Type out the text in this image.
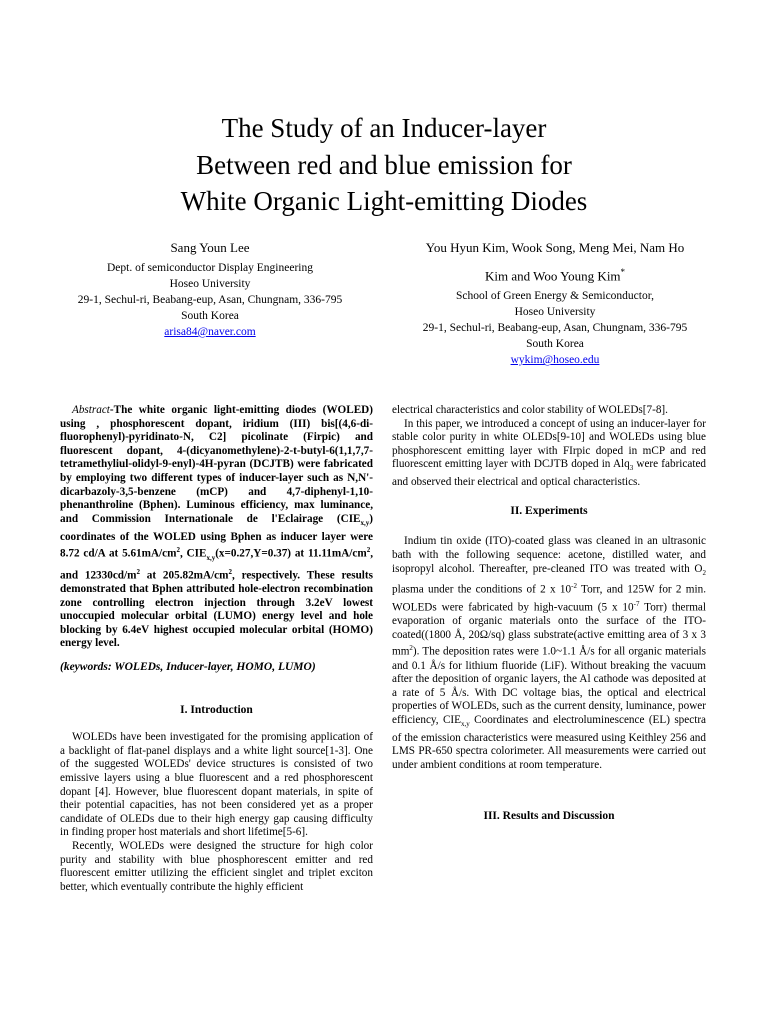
The Study of an Inducer-layer
Between red and blue emission for
White Organic Light-emitting Diodes
Sang Youn Lee
Dept. of semiconductor Display Engineering
Hoseo University
29-1, Sechul-ri, Beabang-eup, Asan, Chungnam, 336-795
South Korea
arisa84@naver.com
You Hyun Kim, Wook Song, Meng Mei, Nam Ho
Kim and Woo Young Kim*
School of Green Energy & Semiconductor,
Hoseo University
29-1, Sechul-ri, Beabang-eup, Asan, Chungnam, 336-795
South Korea
wykim@hoseo.edu

Abstract-The white organic light-emitting diodes (WOLED) using , phosphorescent dopant, iridium (III) bis[(4,6-di-fluorophenyl)-pyridinato-N, C2] picolinate (Firpic) and fluorescent dopant, 4-(dicyanomethylene)-2-t-butyl-6(1,1,7,7- tetramethyliul-olidyl-9-enyl)-4H-pyran (DCJTB) were fabricated by employing two different types of inducer-layer such as N,N'-dicarbazoly-3,5-benzene (mCP) and 4,7-diphenyl-1,10- phenanthroline (Bphen). Luminous efficiency, max luminance, and Commission Internationale de l'Eclairage $(CIE_{x,y})$ coordinates of the WOLED using Bphen as inducer layer were 8.72 cd/A at $5.61mA/cm^2$, $CIE_{x,y}(x=0.27,Y=0.37)$ at $11.11mA/cm^2$, and $12330cd/m^2$ at $205.82mA/cm^2$, respectively. These results demonstrated that Bphen attributed hole-electron recombination zone controlling electron injection through 3.2eV lowest unoccupied molecular orbital (LUMO) energy level and hole blocking by 6.4eV highest occupied molecular orbital (HOMO) energy level.

(keywords: WOLEDs, Inducer-layer, HOMO, LUMO)

I. Introduction

WOLEDs have been investigated for the promising application of a backlight of flat-panel displays and a white light source[1-3]. One of the suggested WOLEDs' device structures is consisted of two emissive layers using a blue fluorescent and a red phosphorescent dopant [4]. However, blue fluorescent dopant materials, in spite of their potential capacities, has not been considered yet as a proper candidate of OLEDs due to their high energy gap causing difficulty in finding proper host materials and short lifetime[5-6].

Recently, WOLEDs were designed the structure for high color purity and stability with blue phosphorescent emitter and red fluorescent emitter utilizing the efficient singlet and triplet exciton better, which eventually contribute the highly efficient

electrical characteristics and color stability of WOLEDs[7-8].

In this paper, we introduced a concept of using an inducer-layer for stable color purity in white OLEDs[9-10] and WOLEDs using blue phosphorescent emitting layer with FIrpic doped in mCP and red fluorescent emitting layer with DCJTB doped in Alq$_3$ were fabricated and observed their electrical and optical characteristics.

II. Experiments

Indium tin oxide (ITO)-coated glass was cleaned in an ultrasonic bath with the following sequence: acetone, distilled water, and isopropyl alcohol. Thereafter, pre-cleaned ITO was treated with $O_2$ plasma under the conditions of 2 x $10^{-2}$ Torr, and 125W for 2 min. WOLEDs were fabricated by high-vacuum (5 x $10^{-7}$ Torr) thermal evaporation of organic materials onto the surface of the ITO-coated((1800 Å, 20Ω/sq) glass substrate(active emitting area of 3 x 3 $mm^2$). The deposition rates were 1.0~1.1 Å/s for all organic materials and 0.1 Å/s for lithium fluoride (LiF). Without breaking the vacuum after the deposition of organic layers, the Al cathode was deposited at a rate of 5 Å/s. With DC voltage bias, the optical and electrical properties of WOLEDs, such as the current density, luminance, power efficiency, $CIE_{x,y}$ Coordinates and electroluminescence (EL) spectra of the emission characteristics were measured using Keithley 256 and LMS PR-650 spectra colorimeter. All measurements were carried out under ambient conditions at room temperature.

III. Results and Discussion
